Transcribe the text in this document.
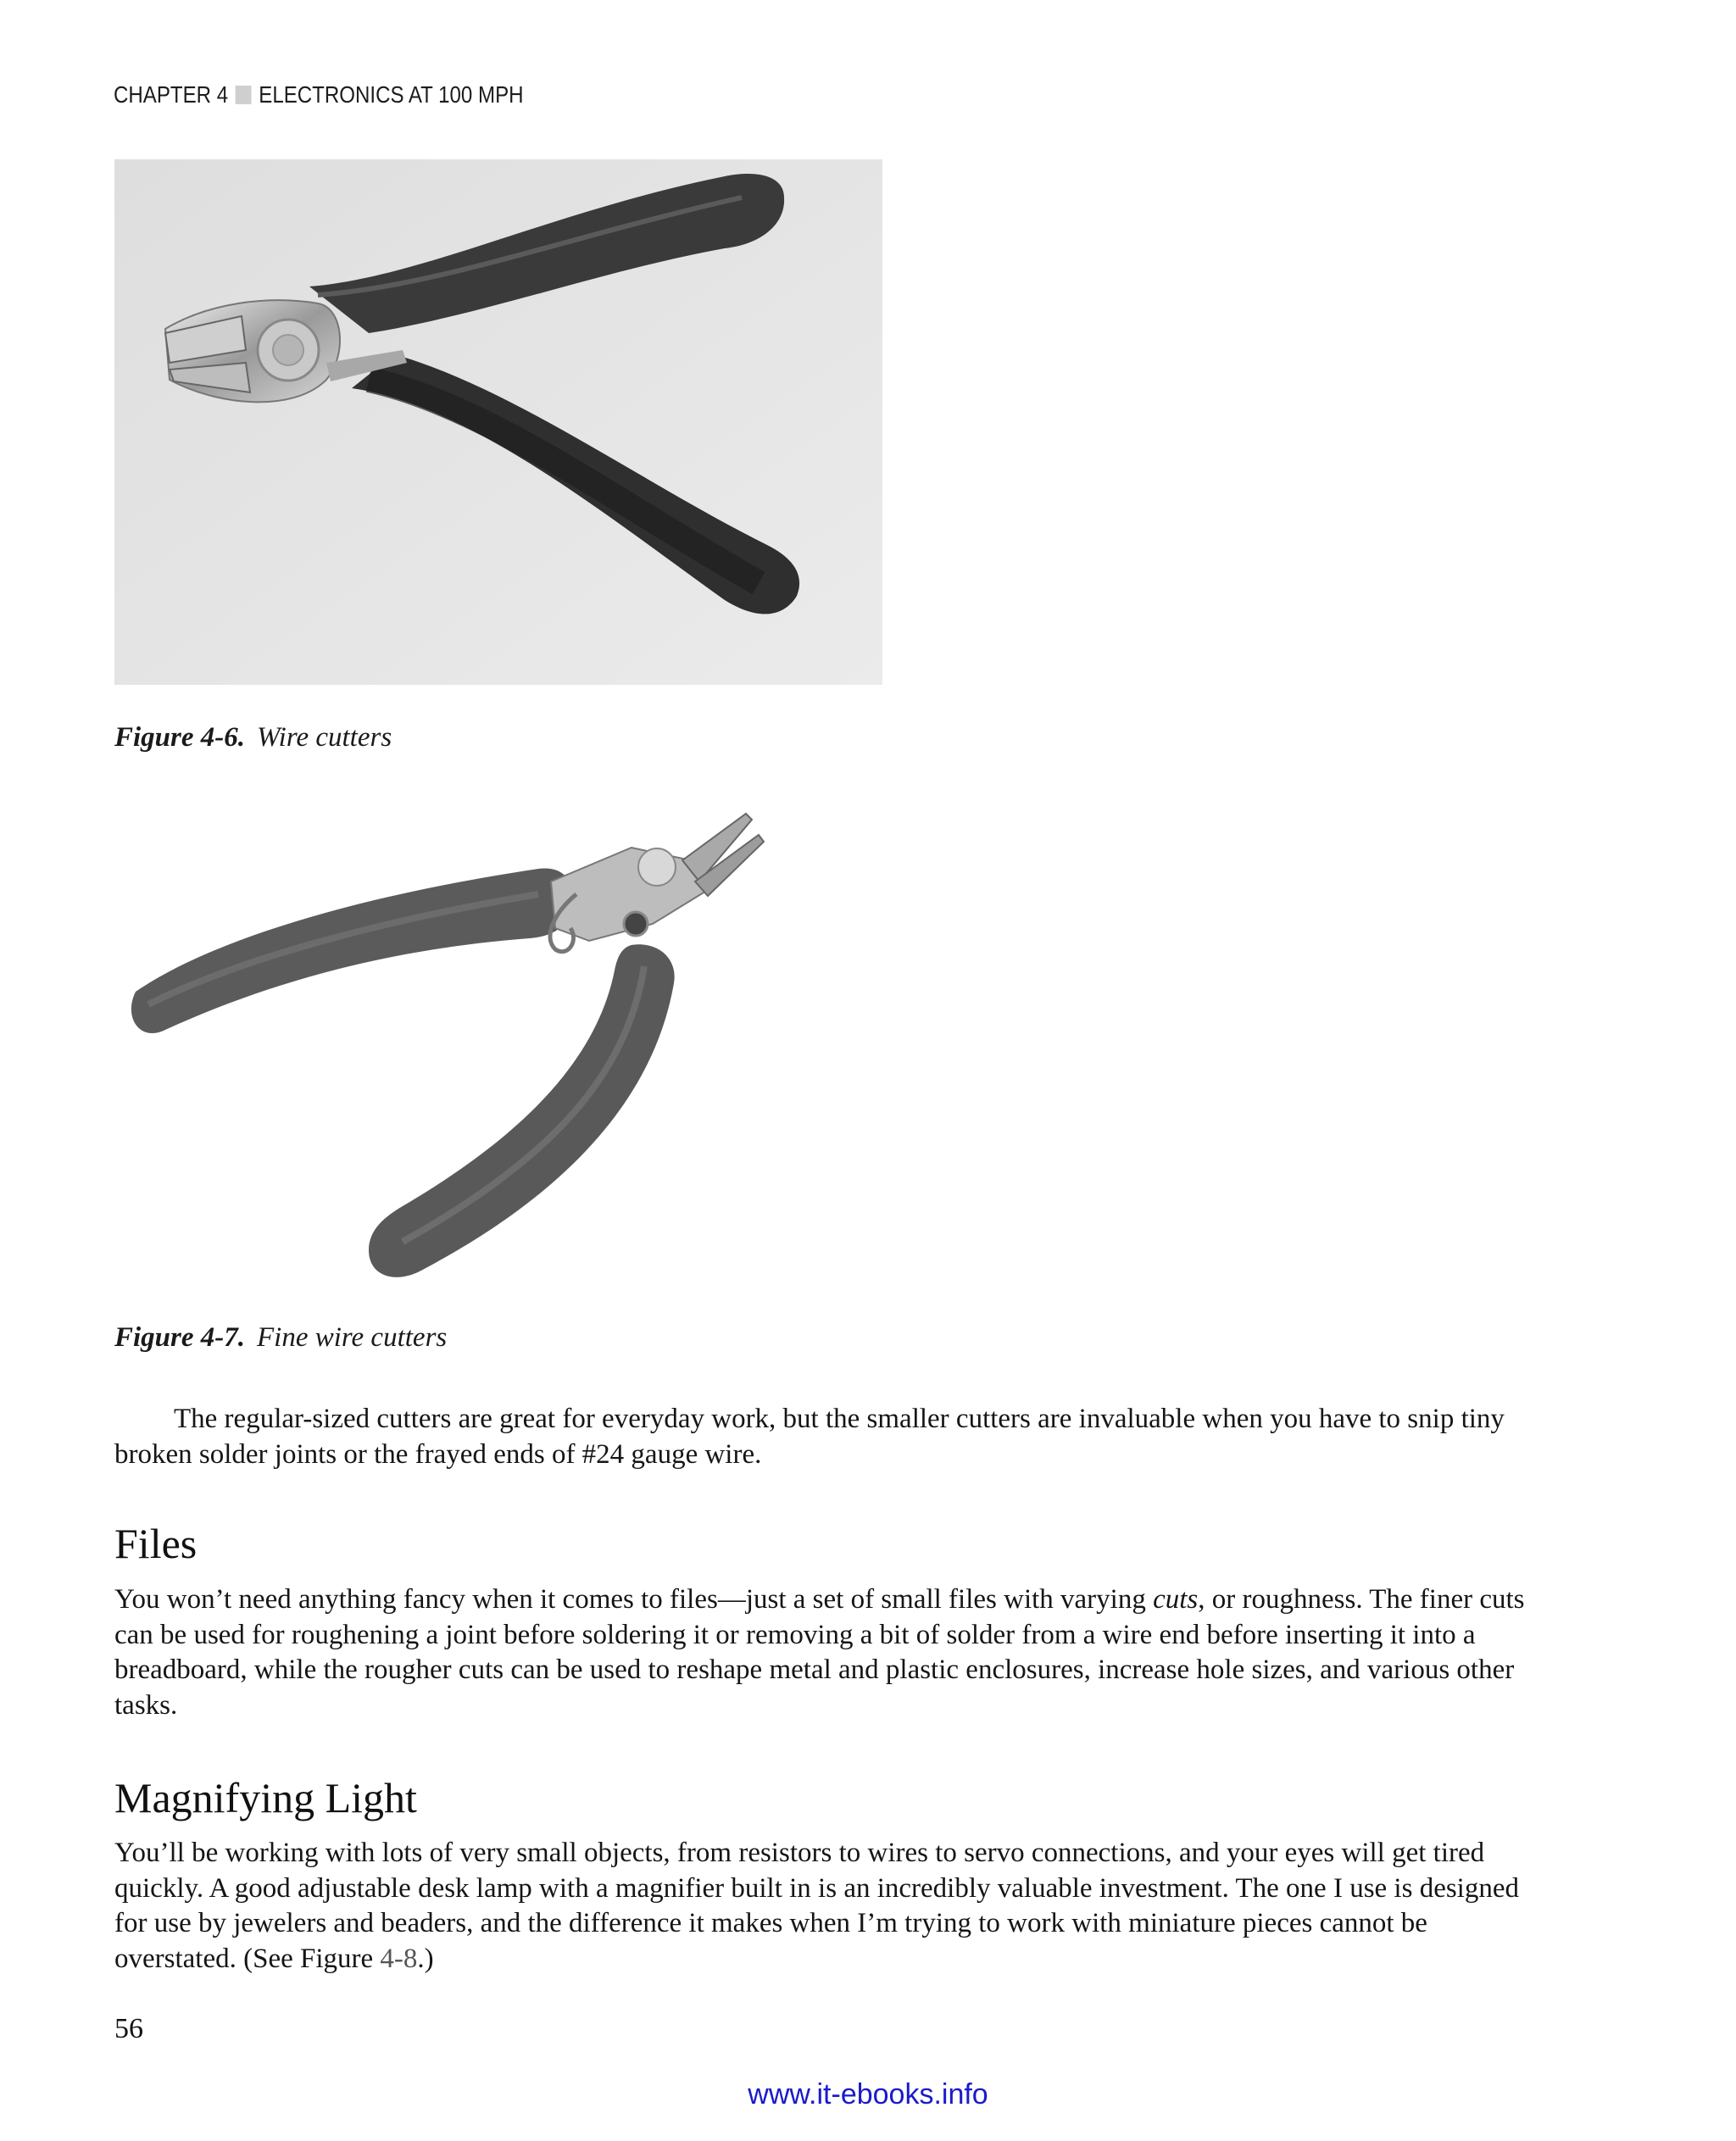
CHAPTER 4 ELECTRONICS AT 100 MPH
Figure 4-6. Wire cutters
Figure 4-7. Fine wire cutters
The regular-sized cutters are great for everyday work, but the smaller cutters are invaluable when you have to snip tiny broken solder joints or the frayed ends of #24 gauge wire.
Files
You won’t need anything fancy when it comes to files—just a set of small files with varying cuts, or roughness. The finer cuts can be used for roughening a joint before soldering it or removing a bit of solder from a wire end before inserting it into a breadboard, while the rougher cuts can be used to reshape metal and plastic enclosures, increase hole sizes, and various other tasks.
Magnifying Light
You’ll be working with lots of very small objects, from resistors to wires to servo connections, and your eyes will get tired quickly. A good adjustable desk lamp with a magnifier built in is an incredibly valuable investment. The one I use is designed for use by jewelers and beaders, and the difference it makes when I’m trying to work with miniature pieces cannot be overstated. (See Figure 4-8.)
56
www.it-ebooks.info
